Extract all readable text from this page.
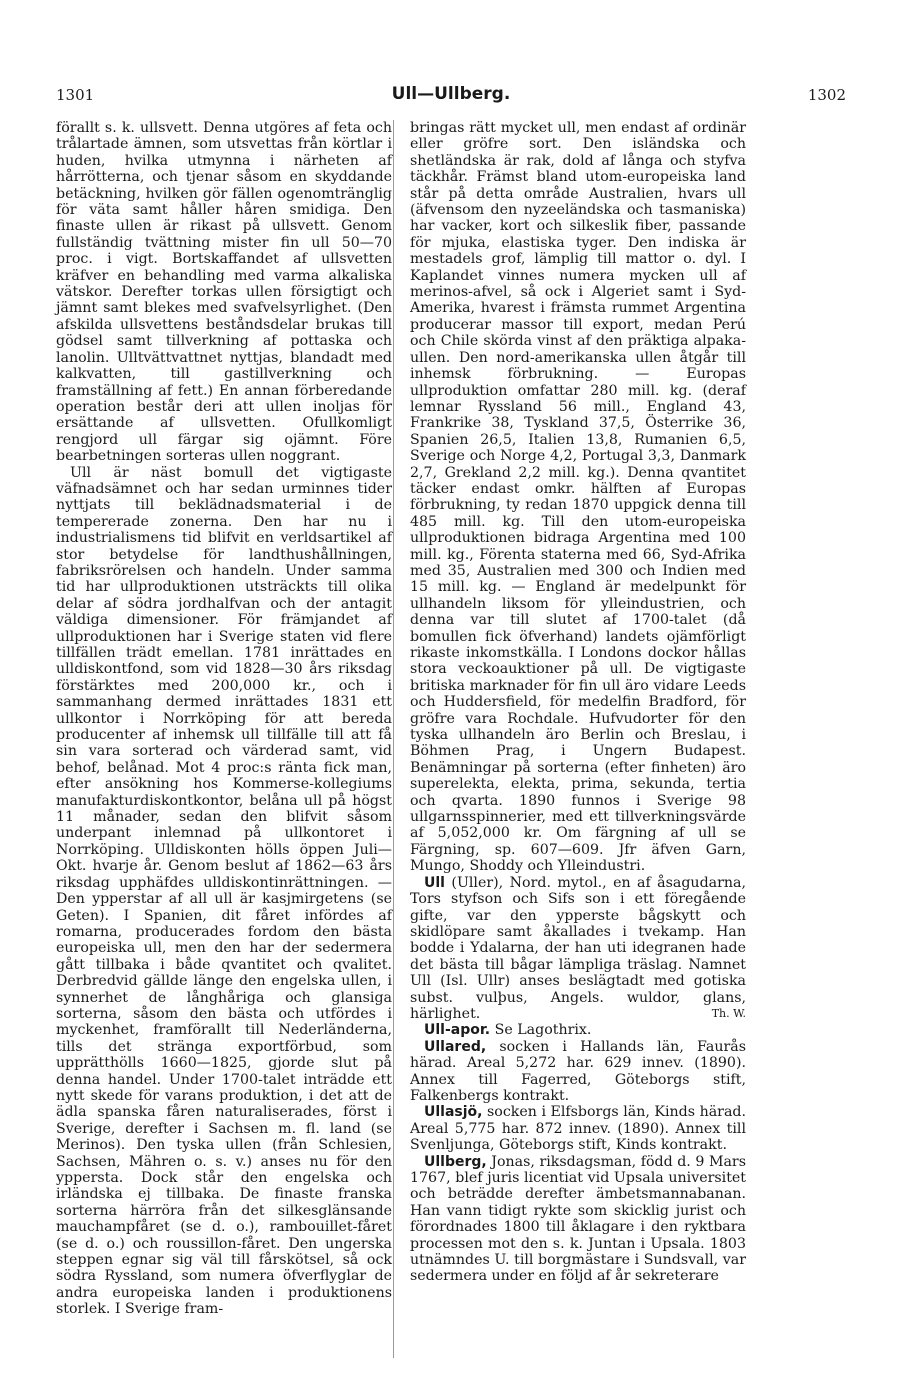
1301	Ull—Ullberg.	1302

förallt s. k. ullsvett. Denna utgöres af feta och trålartade ämnen, som utsvettas från körtlar i huden, hvilka utmynna i närheten af hårrötterna, och tjenar såsom en skyddande betäckning, hvilken gör fällen ogenomtränglig för väta samt håller håren smidiga. Den finaste ullen är rikast på ullsvett. Genom fullständig tvättning mister fin ull 50—70 proc. i vigt. Bortskaffandet af ullsvetten kräfver en behandling med varma alkaliska vätskor. Derefter torkas ullen försigtigt och jämnt samt blekes med svafvelsyrlighet. (Den afskilda ullsvettens beståndsdelar brukas till gödsel samt tillverkning af pottaska och lanolin. Ulltvättvattnet nyttjas, blandadt med kalkvatten, till gastillverkning och framställning af fett.) En annan förberedande operation består deri att ullen inoljas för ersättande af ullsvetten. Ofullkomligt rengjord ull färgar sig ojämnt. Före bearbetningen sorteras ullen noggrant.

Ull är näst bomull det vigtigaste väfnadsämnet och har sedan urminnes tider nyttjats till beklädnadsmaterial i de tempererade zonerna. Den har nu i industrialismens tid blifvit en verldsartikel af stor betydelse för landthushållningen, fabriksrörelsen och handeln. Under samma tid har ullproduktionen utsträckts till olika delar af södra jordhalfvan och der antagit väldiga dimensioner. För främjandet af ullproduktionen har i Sverige staten vid flere tillfällen trädt emellan. 1781 inrättades en ulldiskontfond, som vid 1828—30 års riksdag förstärktes med 200,000 kr., och i sammanhang dermed inrättades 1831 ett ullkontor i Norrköping för att bereda producenter af inhemsk ull tillfälle till att få sin vara sorterad och värderad samt, vid behof, belånad. Mot 4 proc:s ränta fick man, efter ansökning hos Kommerse-kollegiums manufakturdiskontkontor, belåna ull på högst 11 månader, sedan den blifvit såsom underpant inlemnad på ullkontoret i Norrköping. Ulldiskonten hölls öppen Juli—Okt. hvarje år. Genom beslut af 1862—63 års riksdag upphäfdes ulldiskontinrättningen. — Den ypperstar af all ull är kasjmirgetens (se Geten). I Spanien, dit fåret infördes af romarna, producerades fordom den bästa europeiska ull, men den har der sedermera gått tillbaka i både qvantitet och qvalitet. Derbredvid gällde länge den engelska ullen, i synnerhet de långhåriga och glansiga sorterna, såsom den bästa och utfördes i myckenhet, framförallt till Nederländerna, tills det stränga exportförbud, som upprätthölls 1660—1825, gjorde slut på denna handel. Under 1700-talet inträdde ett nytt skede för varans produktion, i det att de ädla spanska fåren naturaliserades, först i Sverige, derefter i Sachsen m. fl. land (se Merinos). Den tyska ullen (från Schlesien, Sachsen, Mähren o. s. v.) anses nu för den yppersta. Dock står den engelska och irländska ej tillbaka. De finaste franska sorterna härröra från det silkesglänsande mauchampfåret (se d. o.), rambouillet-fåret (se d. o.) och roussillon-fåret. Den ungerska steppen egnar sig väl till fårskötsel, så ock södra Ryssland, som numera öfverflyglar de andra europeiska landen i produktionens storlek. I Sverige fram-

bringas rätt mycket ull, men endast af ordinär eller gröfre sort. Den isländska och shetländska är rak, dold af långa och styfva täckhår. Främst bland utom-europeiska land står på detta område Australien, hvars ull (äfvensom den nyzeeländska och tasmaniska) har vacker, kort och silkeslik fiber, passande för mjuka, elastiska tyger. Den indiska är mestadels grof, lämplig till mattor o. dyl. I Kaplandet vinnes numera mycken ull af merinos-afvel, så ock i Algeriet samt i Syd-Amerika, hvarest i främsta rummet Argentina producerar massor till export, medan Perú och Chile skörda vinst af den präktiga alpaka-ullen. Den nord-amerikanska ullen åtgår till inhemsk förbrukning. — Europas ullproduktion omfattar 280 mill. kg. (deraf lemnar Ryssland 56 mill., England 43, Frankrike 38, Tyskland 37,5, Österrike 36, Spanien 26,5, Italien 13,8, Rumanien 6,5, Sverige och Norge 4,2, Portugal 3,3, Danmark 2,7, Grekland 2,2 mill. kg.). Denna qvantitet täcker endast omkr. hälften af Europas förbrukning, ty redan 1870 uppgick denna till 485 mill. kg. Till den utom-europeiska ullproduktionen bidraga Argentina med 100 mill. kg., Förenta staterna med 66, Syd-Afrika med 35, Australien med 300 och Indien med 15 mill. kg. — England är medelpunkt för ullhandeln liksom för ylleindustrien, och denna var till slutet af 1700-talet (då bomullen fick öfverhand) landets ojämförligt rikaste inkomstkälla. I Londons dockor hållas stora veckoauktioner på ull. De vigtigaste britiska marknader för fin ull äro vidare Leeds och Huddersfield, för medelfin Bradford, för gröfre vara Rochdale. Hufvudorter för den tyska ullhandeln äro Berlin och Breslau, i Böhmen Prag, i Ungern Budapest. Benämningar på sorterna (efter finheten) äro superelekta, elekta, prima, sekunda, tertia och qvarta. 1890 funnos i Sverige 98 ullgarnsspinnerier, med ett tillverkningsvärde af 5,052,000 kr. Om färgning af ull se Färgning, sp. 607—609. Jfr äfven Garn, Mungo, Shoddy och Ylleindustri.

Ull (Uller), Nord. mytol., en af åsagudarna, Tors styfson och Sifs son i ett föregående gifte, var den ypperste bågskytt och skidlöpare samt åkallades i tvekamp. Han bodde i Ydalarna, der han uti idegranen hade det bästa till bågar lämpliga träslag. Namnet Ull (Isl. Ullr) anses beslägtadt med gotiska subst. vulþus, Angels. wuldor, glans, härlighet.	Th. W.

Ull-apor. Se Lagothrix.

Ullared, socken i Hallands län, Faurås härad. Areal 5,272 har. 629 innev. (1890). Annex till Fagerred, Göteborgs stift, Falkenbergs kontrakt.

Ullasjö, socken i Elfsborgs län, Kinds härad. Areal 5,775 har. 872 innev. (1890). Annex till Svenljunga, Göteborgs stift, Kinds kontrakt.

Ullberg, Jonas, riksdagsman, född d. 9 Mars 1767, blef juris licentiat vid Upsala universitet och beträdde derefter ämbetsmannabanan. Han vann tidigt rykte som skicklig jurist och förordnades 1800 till åklagare i den ryktbara processen mot den s. k. Juntan i Upsala. 1803 utnämndes U. till borgmästare i Sundsvall, var sedermera under en följd af år sekreterare
